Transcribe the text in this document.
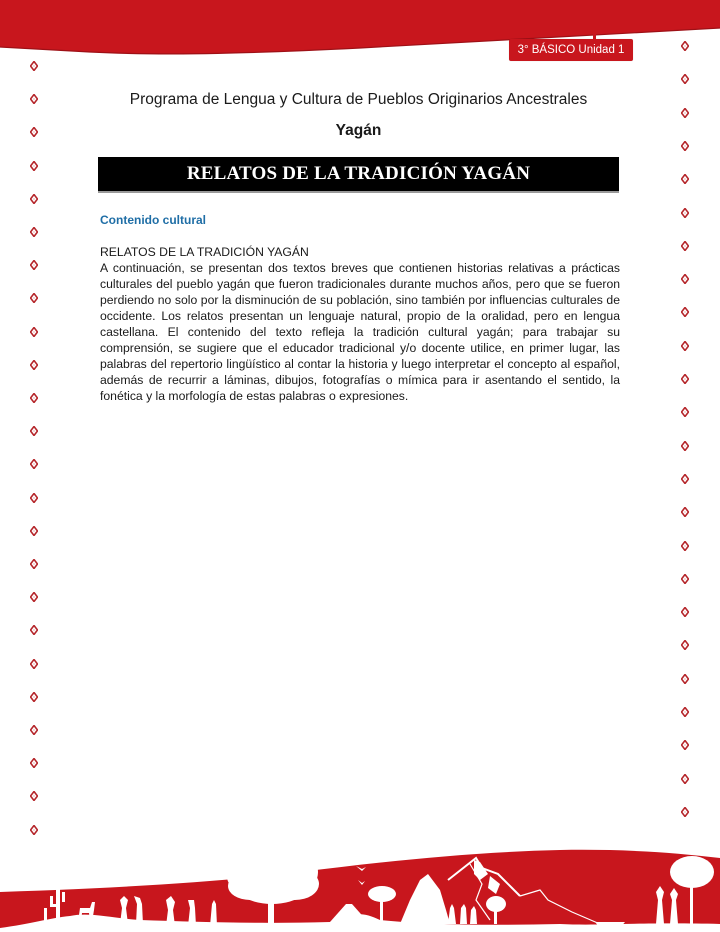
3° BÁSICO Unidad 1
Programa de Lengua y Cultura de Pueblos Originarios Ancestrales
Yagán
RELATOS DE LA TRADICIÓN YAGÁN
Contenido cultural
RELATOS DE LA TRADICIÓN YAGÁN

A continuación, se presentan dos textos breves que contienen historias relativas a prácticas culturales del pueblo yagán que fueron tradicionales durante muchos años, pero que se fueron perdiendo no solo por la disminución de su población, sino también por influencias culturales de occidente. Los relatos presentan un lenguaje natural, propio de la oralidad, pero en lengua castellana. El contenido del texto refleja la tradición cultural yagán; para trabajar su comprensión, se sugiere que el educador tradicional y/o docente utilice, en primer lugar, las palabras del repertorio lingüístico al contar la historia y luego interpretar el concepto al español, además de recurrir a láminas, dibujos, fotografías o mímica para ir asentando el sentido, la fonética y la morfología de estas palabras o expresiones.
